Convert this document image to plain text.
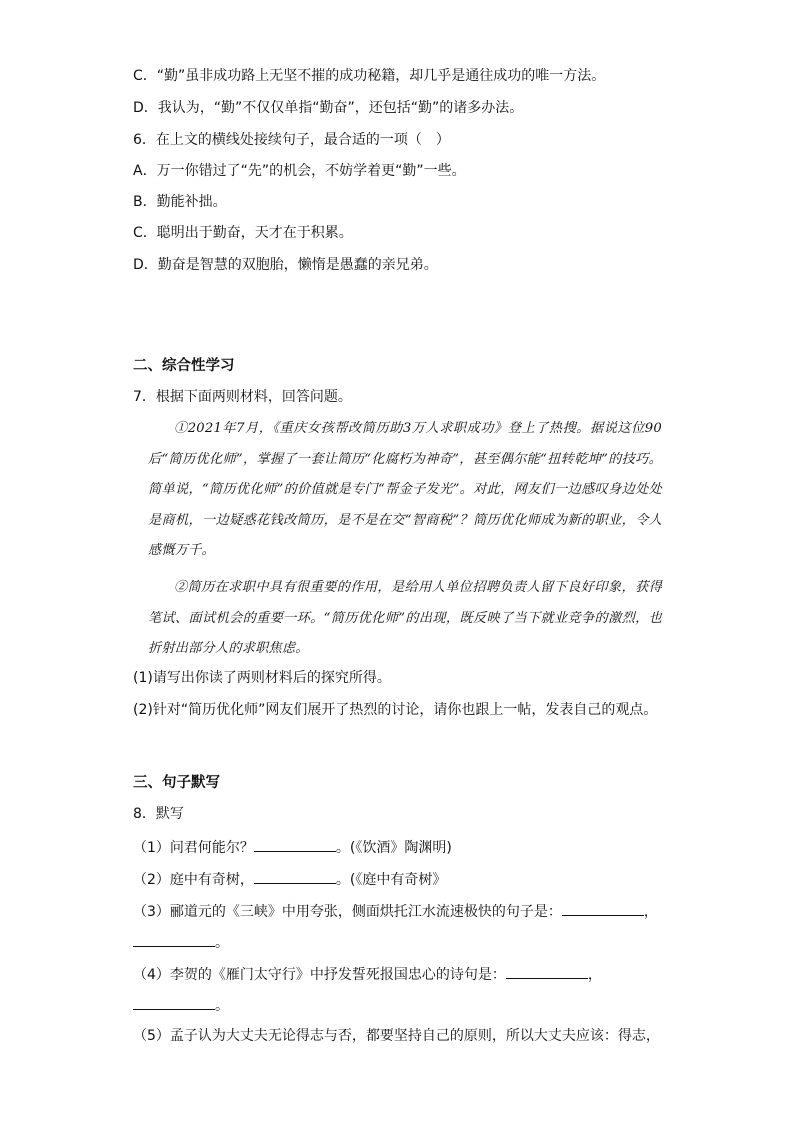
C．“勤”虽非成功路上无坚不摧的成功秘籍，却几乎是通往成功的唯一方法。
D．我认为，“勤”不仅仅单指“勤奋”，还包括“勤”的诸多办法。
6．在上文的横线处接续句子，最合适的一项（　）
A．万一你错过了“先”的机会，不妨学着更“勤”一些。
B．勤能补拙。
C．聪明出于勤奋，天才在于积累。
D．勤奋是智慧的双胞胎，懒惰是愚蠢的亲兄弟。
二、综合性学习
7．根据下面两则材料，回答问题。
①2021年7月，《重庆女孩帮改简历助3万人求职成功》登上了热搜。据说这位90后“简历优化师”，掌握了一套让简历“化腐朽为神奇”，甚至偶尔能“扭转乾坤”的技巧。简单说，“简历优化师”的价值就是专门“帮金子发光”。对此，网友们一边感叹身边处处是商机，一边疑惑花钱改简历，是不是在交“智商税”？简历优化师成为新的职业，令人感慨万千。
②简历在求职中具有很重要的作用，是给用人单位招聘负责人留下良好印象，获得笔试、面试机会的重要一环。“简历优化师”的出现，既反映了当下就业竞争的激烈，也折射出部分人的求职焦虑。
(1)请写出你读了两则材料后的探究所得。
(2)针对“简历优化师”网友们展开了热烈的讨论，请你也跟上一帖，发表自己的观点。
三、句子默写
8．默写
（1）问君何能尔？	。(《饮酒》陶渊明)
（2）庭中有奇树，	。(《庭中有奇树》
（3）郦道元的《三峡》中用夸张，侧面烘托江水流速极快的句子是：	，
。
（4）李贺的《雁门太守行》中抒发誓死报国忠心的诗句是：	，
。
（5）孟子认为大丈夫无论得志与否，都要坚持自己的原则，所以大丈夫应该：得志，
